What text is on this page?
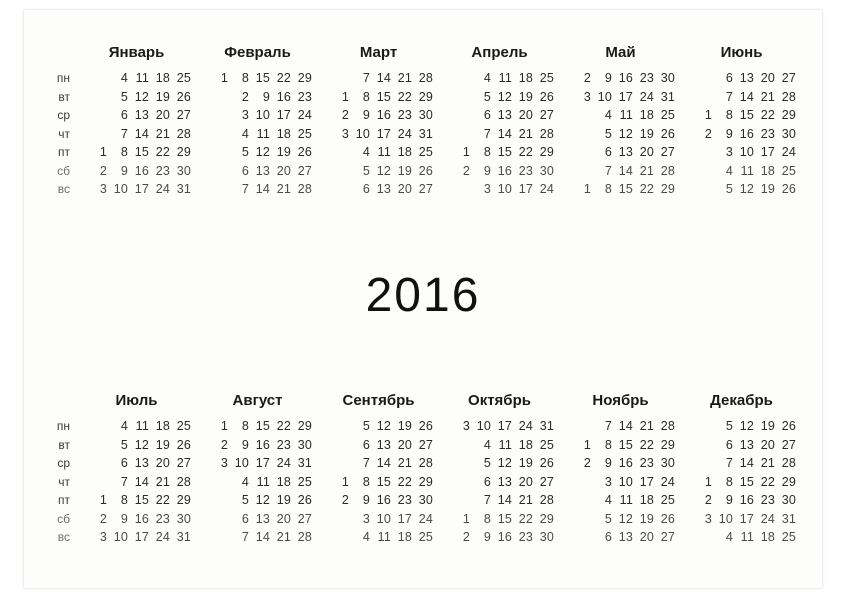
пн
вт
ср
чт
пт
сб
вс
Январь
4 11 18 25
5 12 19 26
6 13 20 27
7 14 21 28
1 8 15 22 29
2 9 16 23 30
3 10 17 24 31
Февраль
1 8 15 22 29
2 9 16 23
3 10 17 24
4 11 18 25
5 12 19 26
6 13 20 27
7 14 21 28
Март
7 14 21 28
1 8 15 22 29
2 9 16 23 30
3 10 17 24 31
4 11 18 25
5 12 19 26
6 13 20 27
Апрель
4 11 18 25
5 12 19 26
6 13 20 27
7 14 21 28
1 8 15 22 29
2 9 16 23 30
3 10 17 24
Май
2 9 16 23 30
3 10 17 24 31
4 11 18 25
5 12 19 26
6 13 20 27
7 14 21 28
1 8 15 22 29
Июнь
6 13 20 27
7 14 21 28
1 8 15 22 29
2 9 16 23 30
3 10 17 24
4 11 18 25
5 12 19 26
2016
пн
вт
ср
чт
пт
сб
вс
Июль
4 11 18 25
5 12 19 26
6 13 20 27
7 14 21 28
1 8 15 22 29
2 9 16 23 30
3 10 17 24 31
Август
1 8 15 22 29
2 9 16 23 30
3 10 17 24 31
4 11 18 25
5 12 19 26
6 13 20 27
7 14 21 28
Сентябрь
5 12 19 26
6 13 20 27
7 14 21 28
1 8 15 22 29
2 9 16 23 30
3 10 17 24
4 11 18 25
Октябрь
3 10 17 24 31
4 11 18 25
5 12 19 26
6 13 20 27
7 14 21 28
1 8 15 22 29
2 9 16 23 30
Ноябрь
7 14 21 28
1 8 15 22 29
2 9 16 23 30
3 10 17 24
4 11 18 25
5 12 19 26
6 13 20 27
Декабрь
5 12 19 26
6 13 20 27
7 14 21 28
1 8 15 22 29
2 9 16 23 30
3 10 17 24 31
4 11 18 25
